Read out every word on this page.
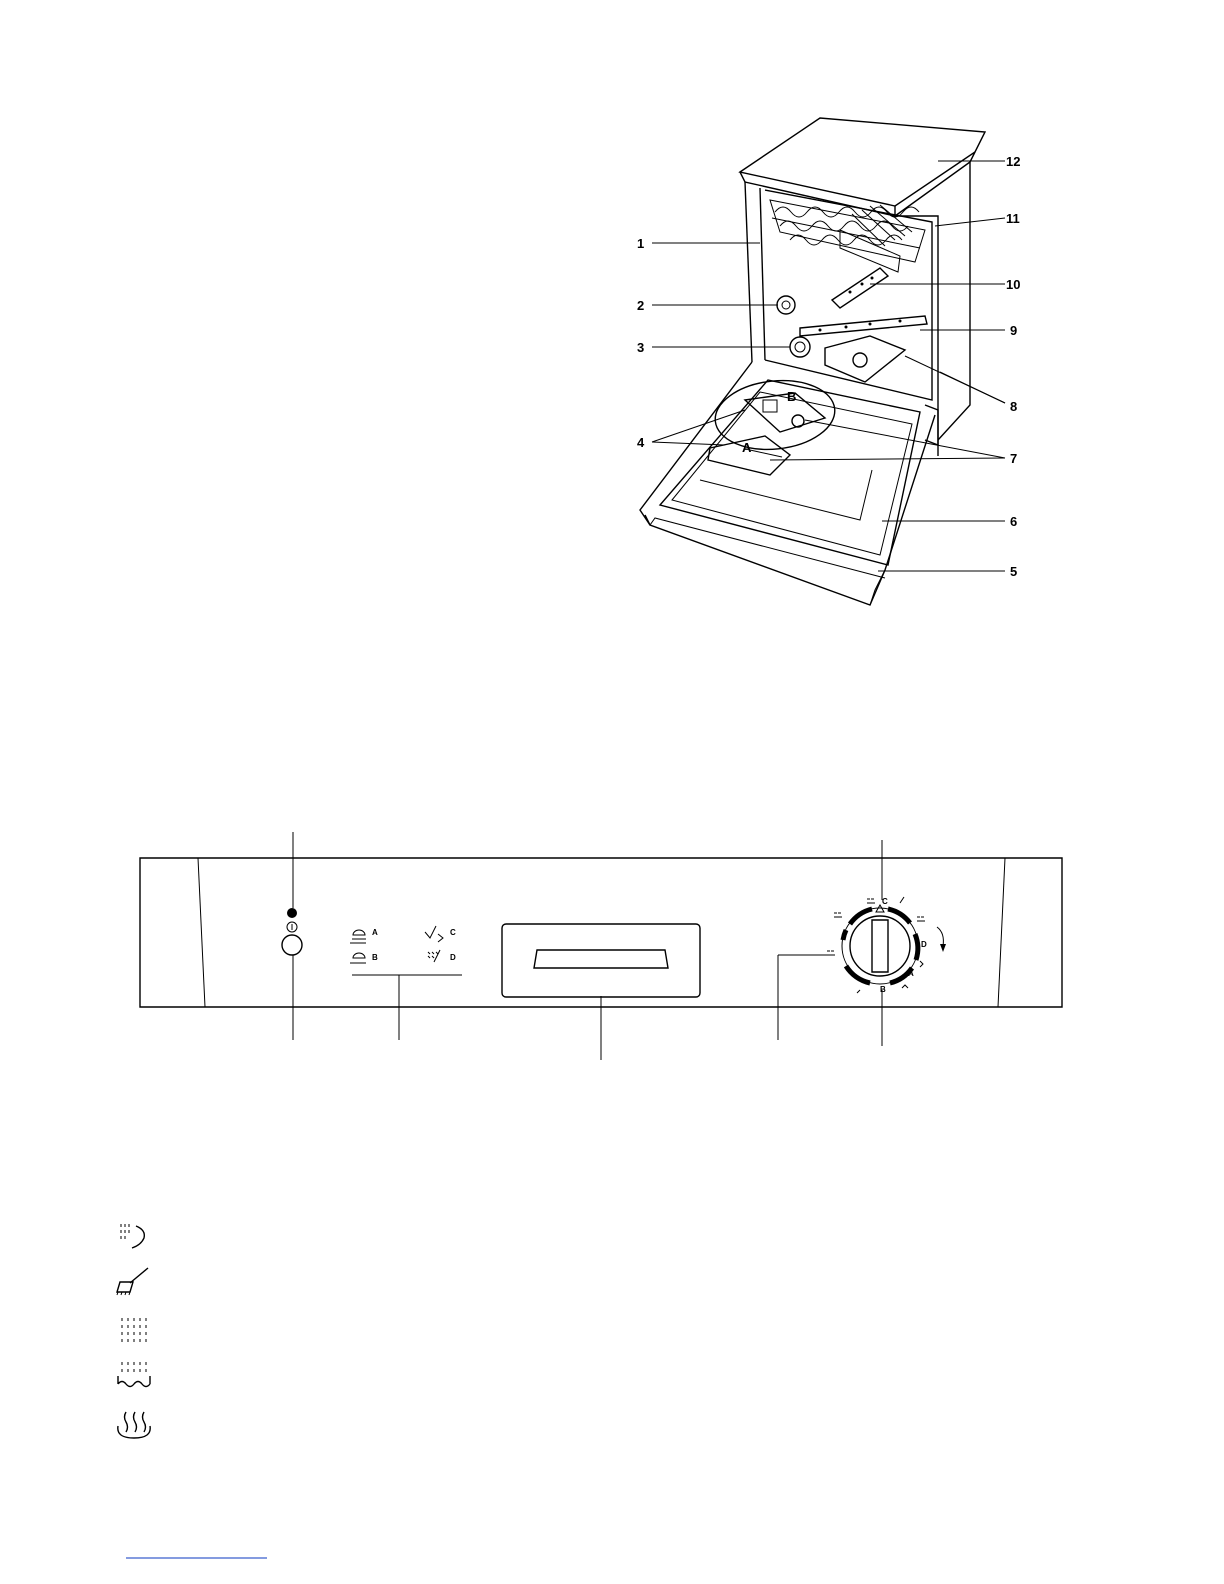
1
2
3
4
5
6
7
8
9
10
11
12
B
A
A
B
C
D
C
D
A
B
